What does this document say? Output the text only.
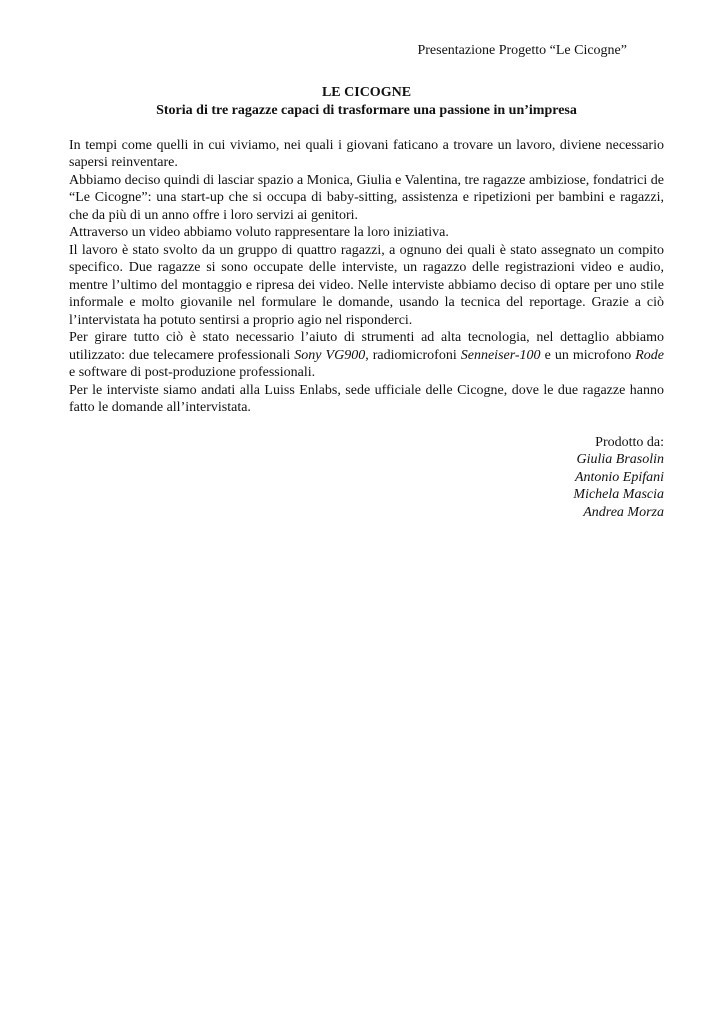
Presentazione Progetto “Le Cicogne”
LE CICOGNE
Storia di tre ragazze capaci di trasformare una passione in un’impresa

In tempi come quelli in cui viviamo, nei quali i giovani faticano a trovare un lavoro, diviene necessario sapersi reinventare.

Abbiamo deciso quindi di lasciar spazio a Monica, Giulia e Valentina, tre ragazze ambiziose, fondatrici de “Le Cicogne”: una start-up che si occupa di baby-sitting, assistenza e ripetizioni per bambini e ragazzi, che da più di un anno offre i loro servizi ai genitori.

Attraverso un video abbiamo voluto rappresentare la loro iniziativa.

Il lavoro è stato svolto da un gruppo di quattro ragazzi, a ognuno dei quali è stato assegnato un compito specifico. Due ragazze si sono occupate delle interviste, un ragazzo delle registrazioni video e audio, mentre l’ultimo del montaggio e ripresa dei video. Nelle interviste abbiamo deciso di optare per uno stile informale e molto giovanile nel formulare le domande, usando la tecnica del reportage. Grazie a ciò l’intervistata ha potuto sentirsi a proprio agio nel risponderci.

Per girare tutto ciò è stato necessario l’aiuto di strumenti ad alta tecnologia, nel dettaglio abbiamo utilizzato: due telecamere professionali Sony VG900, radiomicrofoni Senneiser-100 e un microfono Rode e software di post-produzione professionali.

Per le interviste siamo andati alla Luiss Enlabs, sede ufficiale delle Cicogne, dove le due ragazze hanno fatto le domande all’intervistata.

Prodotto da:
Giulia Brasolin
Antonio Epifani
Michela Mascia
Andrea Morza
